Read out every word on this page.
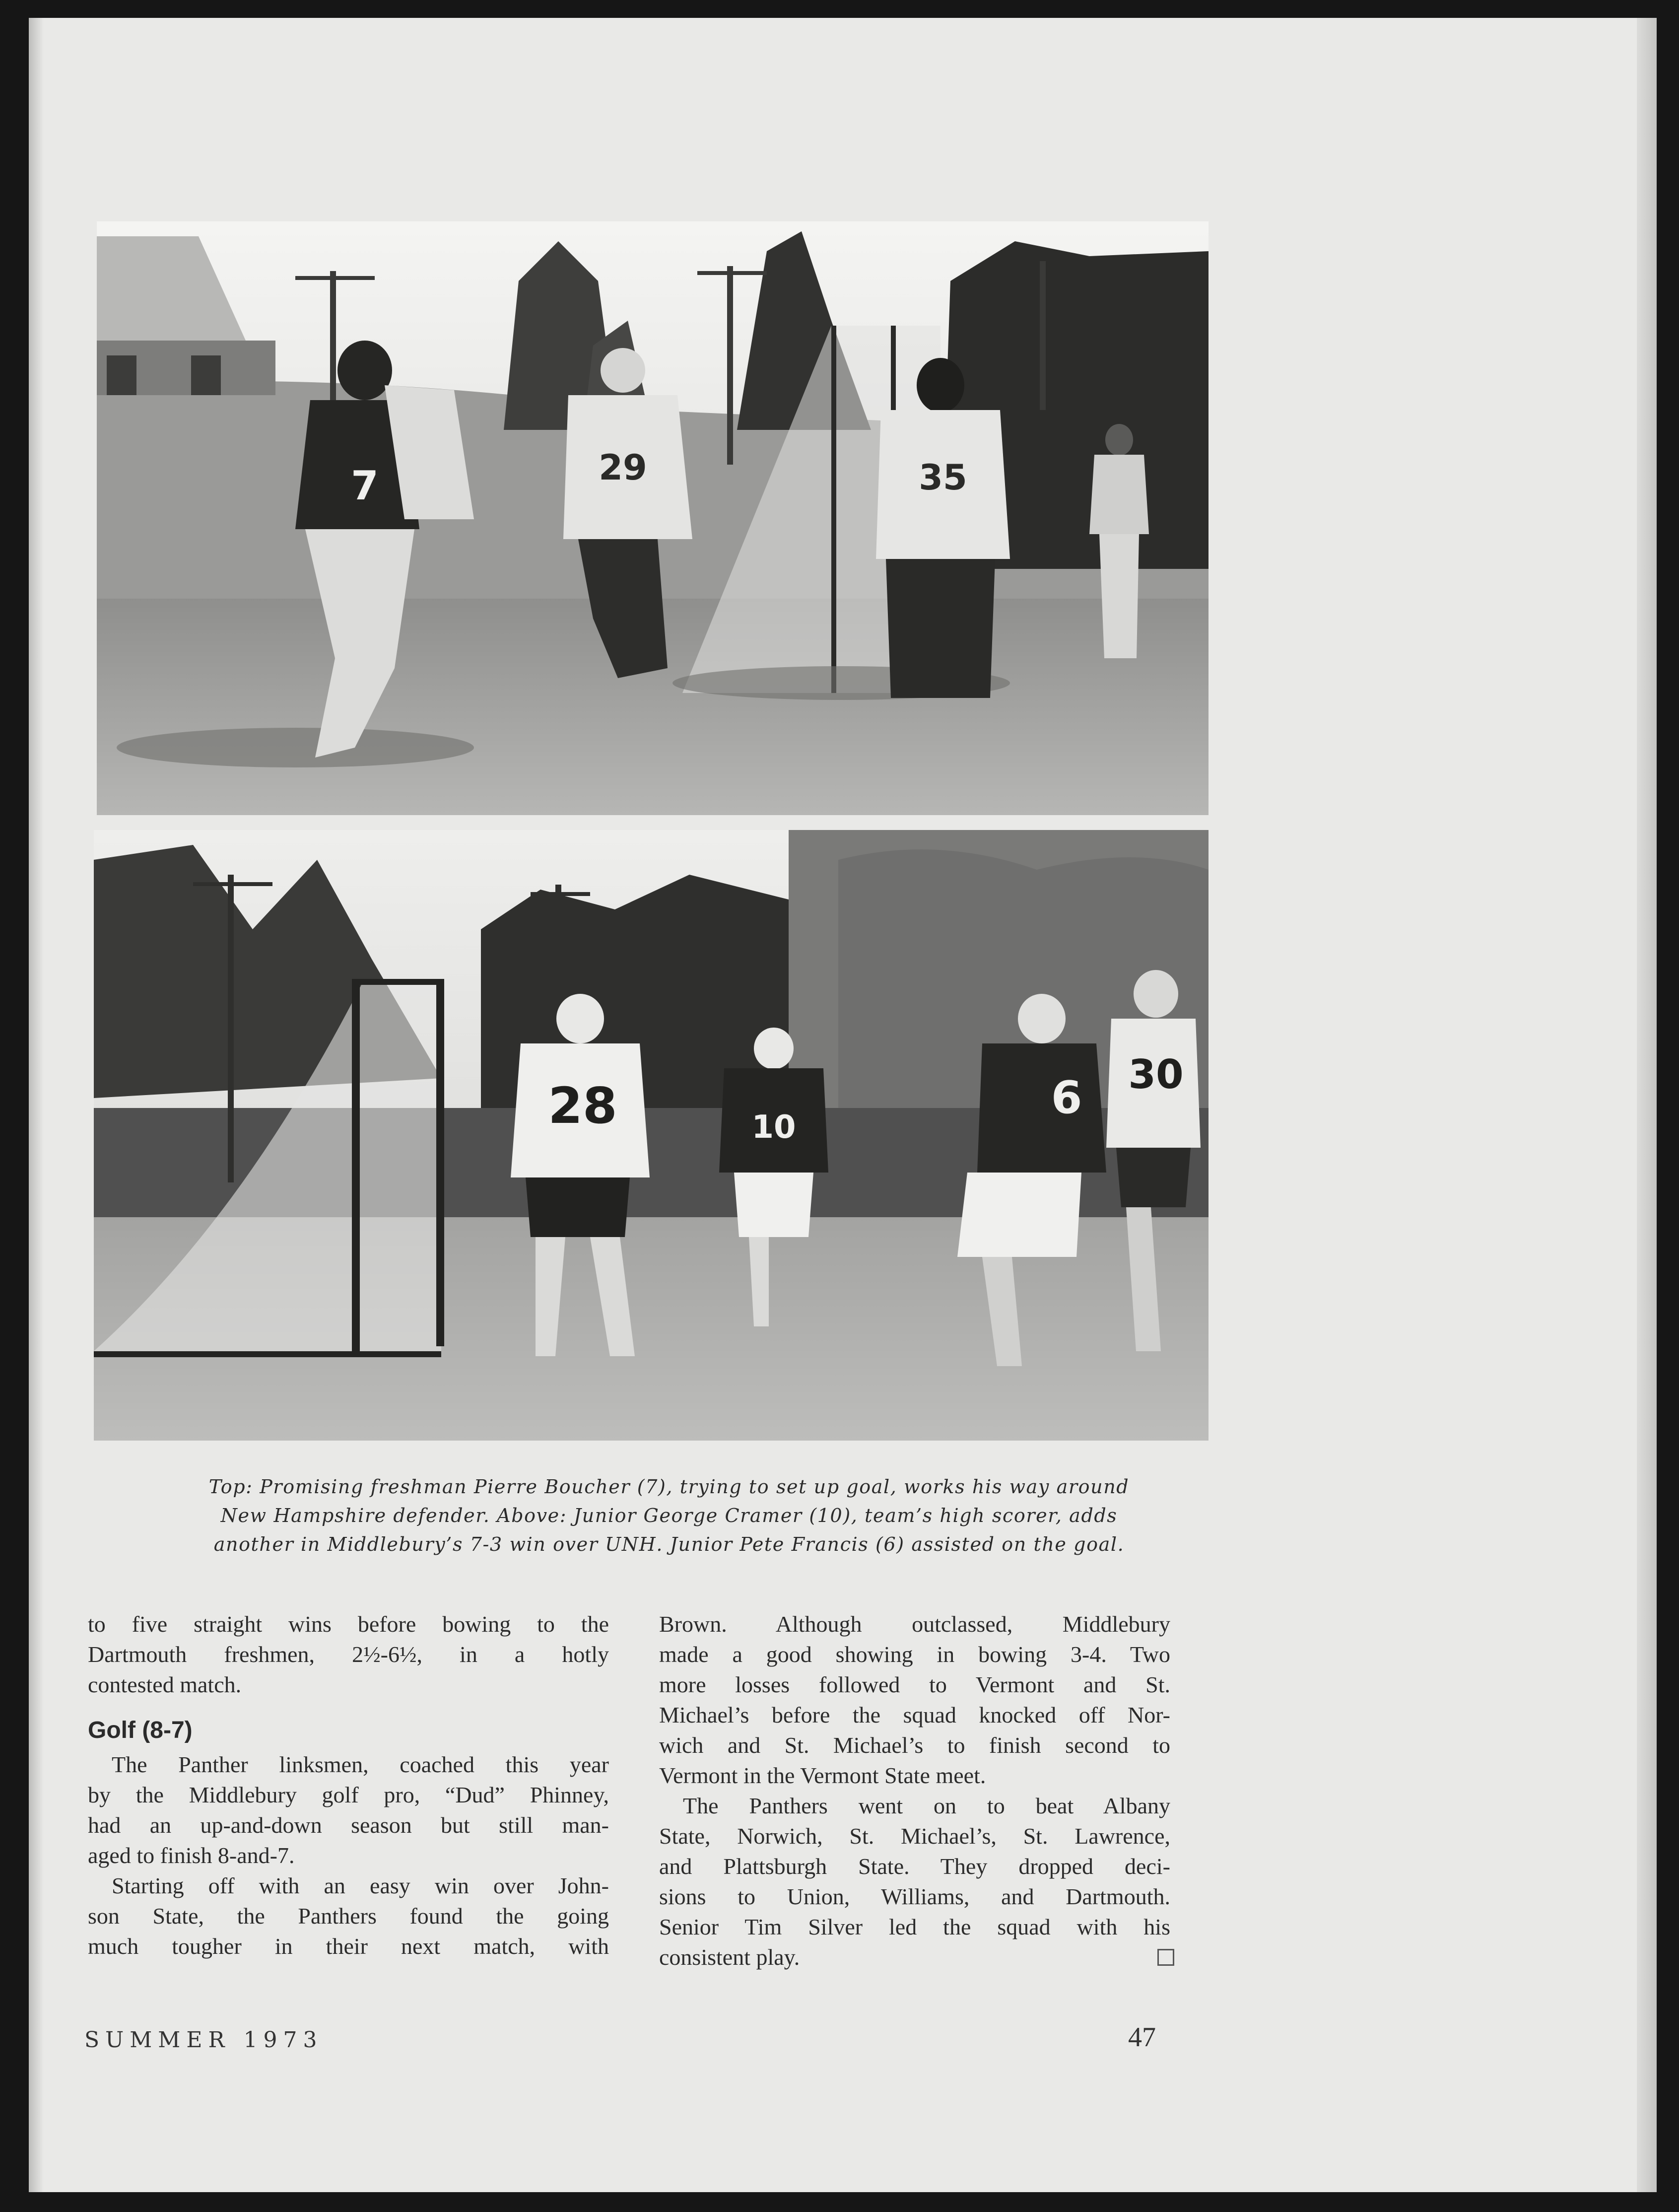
7	29	35
28	10
6 30

Top: Promising freshman Pierre Boucher (7), trying to set up goal, works his way around
New Hampshire defender. Above: Junior George Cramer (10), team’s high scorer, adds
another in Middlebury’s 7-3 win over UNH. Junior Pete Francis (6) assisted on the goal.

to five straight wins before bowing to the
Dartmouth freshmen, 2½-6½, in a hotly
contested match.
Golf (8-7)
The Panther linksmen, coached this year
by the Middlebury golf pro, “Dud” Phinney,
had an up-and-down season but still man-
aged to finish 8-and-7.
Starting off with an easy win over John-
son State, the Panthers found the going
much tougher in their next match, with
Brown. Although outclassed, Middlebury
made a good showing in bowing 3-4. Two
more losses followed to Vermont and St.
Michael’s before the squad knocked off Nor-
wich and St. Michael’s to finish second to
Vermont in the Vermont State meet.
The Panthers went on to beat Albany
State, Norwich, St. Michael’s, St. Lawrence,
and Plattsburgh State. They dropped deci-
sions to Union, Williams, and Dartmouth.
Senior Tim Silver led the squad with his
consistent play.
SUMMER 1973	47
